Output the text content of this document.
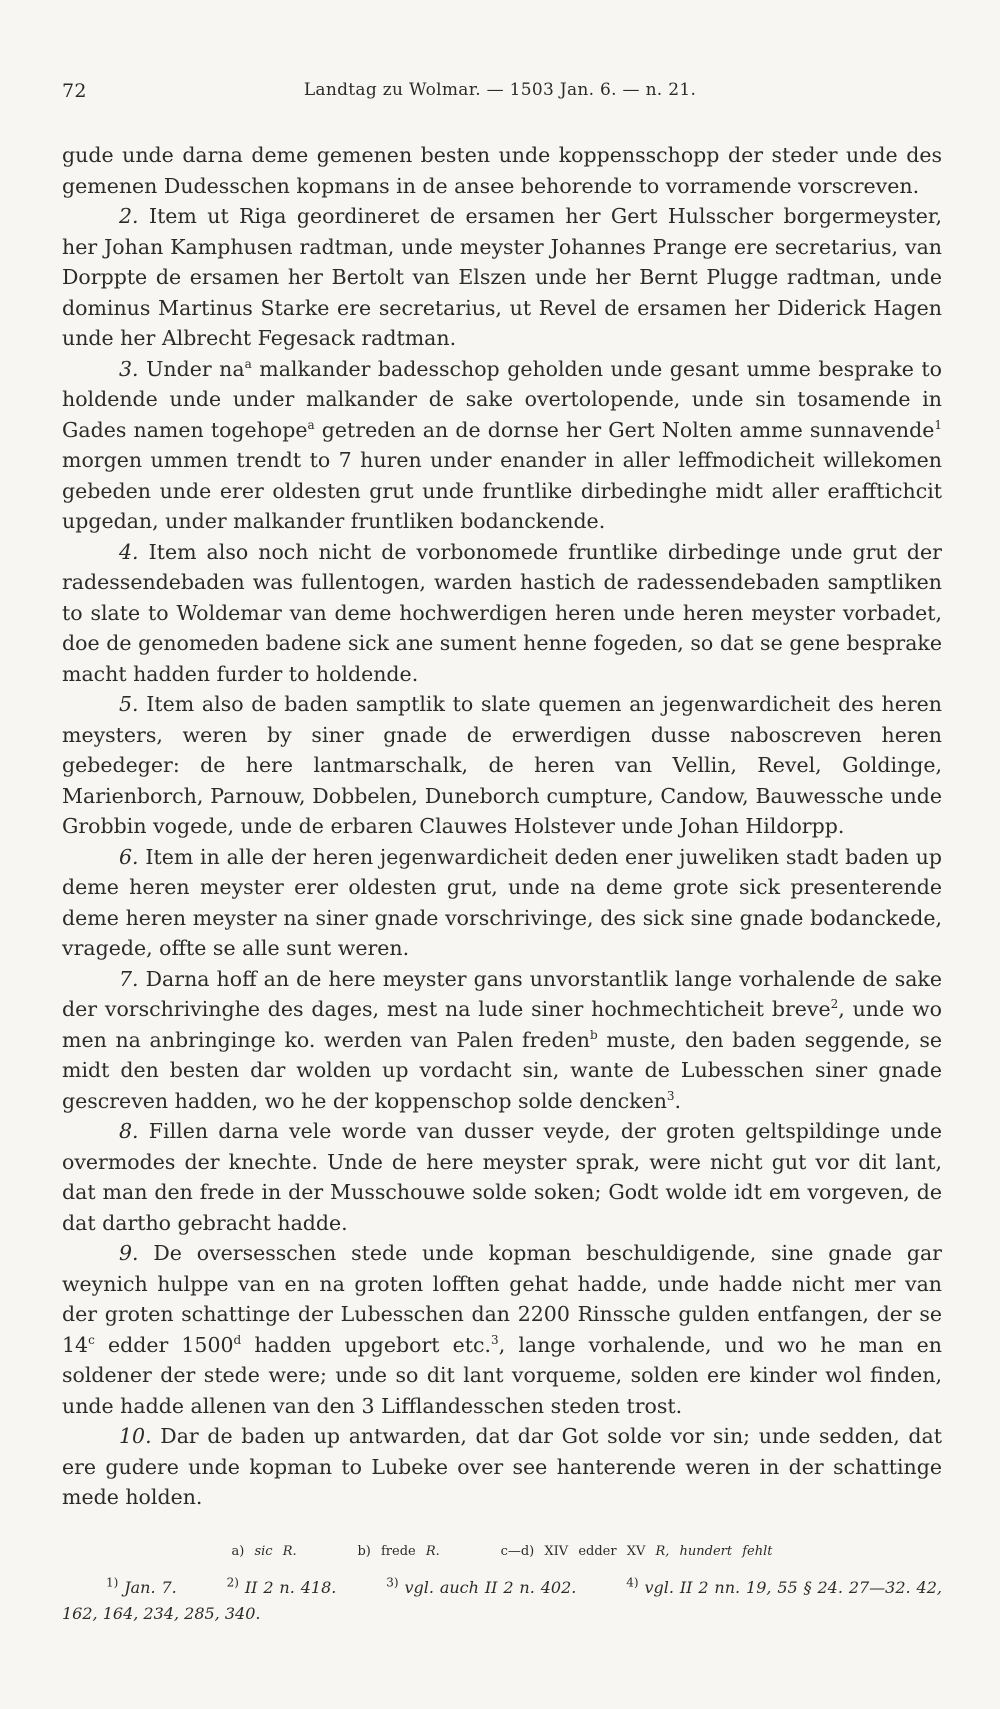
72	Landtag zu Wolmar. — 1503 Jan. 6. — n. 21.

gude unde darna deme gemenen besten unde koppensschopp der steder unde des gemenen Dudesschen kopmans in de ansee behorende to vorramende vorscreven.

2. Item ut Riga geordineret de ersamen her Gert Hulsscher borgermeyster, her Johan Kamphusen radtman, unde meyster Johannes Prange ere secretarius, van Dorppte de ersamen her Bertolt van Elszen unde her Bernt Plugge radtman, unde dominus Martinus Starke ere secretarius, ut Revel de ersamen her Diderick Hagen unde her Albrecht Fegesack radtman.

3. Under $na^a$ malkander badesschop geholden unde gesant umme besprake to holdende unde under malkander de sake overtolopende, unde sin tosamende in Gades namen togehope$^a$ getreden an de dornse her Gert Nolten amme sunnavende$^1$ morgen ummen trendt to 7 huren under enander in aller leffmodicheit willekomen gebeden unde erer oldesten grut unde fruntlike dirbedinghe midt aller erafftichcit upgedan, under malkander fruntliken bodanckende.

4. Item also noch nicht de vorbonomede fruntlike dirbedinge unde grut der radessendebaden was fullentogen, warden hastich de radessendebaden samptliken to slate to Woldemar van deme hochwerdigen heren unde heren meyster vorbadet, doe de genomeden badene sick ane sument henne fogeden, so dat se gene besprake macht hadden furder to holdende.

5. Item also de baden samptlik to slate quemen an jegenwardicheit des heren meysters, weren by siner gnade de erwerdigen dusse naboscreven heren gebedeger: de here lantmarschalk, de heren van Vellin, Revel, Goldinge, Marienborch, Parnouw, Dobbelen, Duneborch cumpture, Candow, Bauwessche unde Grobbin vogede, unde de erbaren Clauwes Holstever unde Johan Hildorpp.

6. Item in alle der heren jegenwardicheit deden ener juweliken stadt baden up deme heren meyster erer oldesten grut, unde na deme grote sick presenterende deme heren meyster na siner gnade vorschrivinge, des sick sine gnade bodanckede, vragede, offte se alle sunt weren.

7. Darna hoff an de here meyster gans unvorstantlik lange vorhalende de sake der vorschrivinghe des dages, mest na lude siner hochmechticheit breve$^2$, unde wo men na anbringinge ko. werden van Palen freden$^b$ muste, den baden seggende, se midt den besten dar wolden up vordacht sin, wante de Lubesschen siner gnade gescreven hadden, wo he der koppenschop solde dencken$^3$.

8. Fillen darna vele worde van dusser veyde, der groten geltspildinge unde overmodes der knechte. Unde de here meyster sprak, were nicht gut vor dit lant, dat man den frede in der Musschouwe solde soken; Godt wolde idt em vorgeven, de dat dartho gebracht hadde.

9. De oversesschen stede unde kopman beschuldigende, sine gnade gar weynich hulppe van en na groten lofften gehat hadde, unde hadde nicht mer van der groten schattinge der Lubesschen dan 2200 Rinssche gulden entfangen, der se 14$^c$ edder 1500$^d$ hadden upgebort etc.$^3$, lange vorhalende, und wo he man en soldener der stede were; unde so dit lant vorqueme, solden ere kinder wol finden, unde hadde allenen van den 3 Lifflandesschen steden trost.

10. Dar de baden up antwarden, dat dar Got solde vor sin; unde sedden, dat ere gudere unde kopman to Lubeke over see hanterende weren in der schattinge mede holden.

a) sic R.	b) frede R.	c—d) XIV edder XV R, hundert fehlt
$^{1)}$ Jan. 7.	$^{2)}$ II 2 n. 418.	$^{3)}$ vgl. auch II 2 n. 402.	$^{4)}$ vgl. II 2 nn. 19, 55 § 24. 27—32. 42, 162, 164, 234, 285, 340.
